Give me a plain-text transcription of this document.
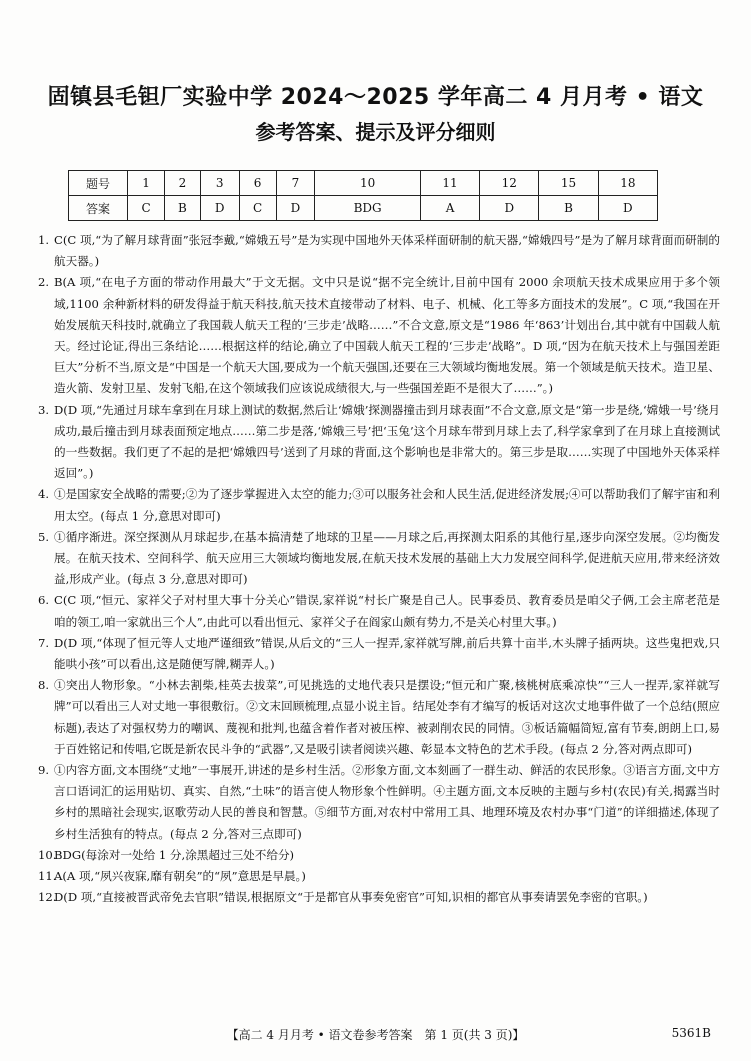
固镇县毛钽厂实验中学 2024～2025 学年高二 4 月月考 • 语文
参考答案、提示及评分细则
题号	1	2	3	6	7	10	11	12	15	18
答案	C	B	D	C	D	BDG	A	D	B	D
1. C(C 项,“为了解月球背面”张冠李戴,“嫦娥五号”是为实现中国地外天体采样面研制的航天器,“嫦娥四号”是为了解月球背面而研制的航天器。)
2. B(A 项,“在电子方面的带动作用最大”于文无据。文中只是说“据不完全统计,目前中国有 2000 余项航天技术成果应用于多个领域,1100 余种新材料的研发得益于航天科技,航天技术直接带动了材料、电子、机械、化工等多方面技术的发展”。C 项,“我国在开始发展航天科技时,就确立了我国载人航天工程的‘三步走’战略……”不合文意,原文是“1986 年‘863’计划出台,其中就有中国载人航天。经过论证,得出三条结论……根据这样的结论,确立了中国载人航天工程的‘三步走’战略”。D 项,“因为在航天技术上与强国差距巨大”分析不当,原文是“中国是一个航天大国,要成为一个航天强国,还要在三大领域均衡地发展。第一个领域是航天技术。造卫星、造火箭、发射卫星、发射飞船,在这个领域我们应该说成绩很大,与一些强国差距不是很大了……”。)
3. D(D 项,“先通过月球车拿到在月球上测试的数据,然后让‘嫦娥’探测器撞击到月球表面”不合文意,原文是“第一步是绕,‘嫦娥一号’绕月成功,最后撞击到月球表面预定地点……第二步是落,‘嫦娥三号’把‘玉兔’这个月球车带到月球上去了,科学家拿到了在月球上直接测试的一些数据。我们更了不起的是把‘嫦娥四号’送到了月球的背面,这个影响也是非常大的。第三步是取……实现了中国地外天体采样返回”。)
4. ①是国家安全战略的需要;②为了逐步掌握进入太空的能力;③可以服务社会和人民生活,促进经济发展;④可以帮助我们了解宇宙和利用太空。(每点 1 分,意思对即可)
5. ①循序渐进。深空探测从月球起步,在基本搞清楚了地球的卫星——月球之后,再探测太阳系的其他行星,逐步向深空发展。②均衡发展。在航天技术、空间科学、航天应用三大领域均衡地发展,在航天技术发展的基础上大力发展空间科学,促进航天应用,带来经济效益,形成产业。(每点 3 分,意思对即可)
6. C(C 项,“恒元、家祥父子对村里大事十分关心”错误,家祥说“村长广聚是自己人。民事委员、教育委员是咱父子俩,工会主席老范是咱的领工,咱一家就出三个人”,由此可以看出恒元、家祥父子在阎家山颇有势力,不是关心村里大事。)
7. D(D 项,“体现了恒元等人丈地严谨细致”错误,从后文的“三人一捏弄,家祥就写牌,前后共算十亩半,木头牌子插两块。这些鬼把戏,只能哄小孩”可以看出,这是随便写牌,糊弄人。)
8. ①突出人物形象。“小林去割柴,桂英去拔菜”,可见挑选的丈地代表只是摆设;“恒元和广聚,核桃树底乘凉快”“三人一捏弄,家祥就写牌”可以看出三人对丈地一事很敷衍。②文末回顾梳理,点显小说主旨。结尾处李有才编写的板话对这次丈地事件做了一个总结(照应标题),表达了对强权势力的嘲讽、蔑视和批判,也蕴含着作者对被压榨、被剥削农民的同情。③板话篇幅简短,富有节奏,朗朗上口,易于百姓铭记和传唱,它既是新农民斗争的“武器”,又是吸引读者阅读兴趣、彰显本文特色的艺术手段。(每点 2 分,答对两点即可)
9. ①内容方面,文本围绕“丈地”一事展开,讲述的是乡村生活。②形象方面,文本刻画了一群生动、鲜活的农民形象。③语言方面,文中方言口语词汇的运用贴切、真实、自然,“土味”的语言使人物形象个性鲜明。④主题方面,文本反映的主题与乡村(农民)有关,揭露当时乡村的黑暗社会现实,讴歌劳动人民的善良和智慧。⑤细节方面,对农村中常用工具、地理环境及农村办事“门道”的详细描述,体现了乡村生活独有的特点。(每点 2 分,答对三点即可)
10.
BDG(每涂对一处给 1 分,涂黑超过三处不给分)
11.
A(A 项,“夙兴夜寐,靡有朝矣”的“夙”意思是早晨。)
12.
D(D 项,“直接被晋武帝免去官职”错误,根据原文“于是都官从事奏免密官”可知,识相的都官从事奏请罢免李密的官职。)
【高二 4 月月考 • 语文卷参考答案　第 1 页(共 3 页)】	5361B
